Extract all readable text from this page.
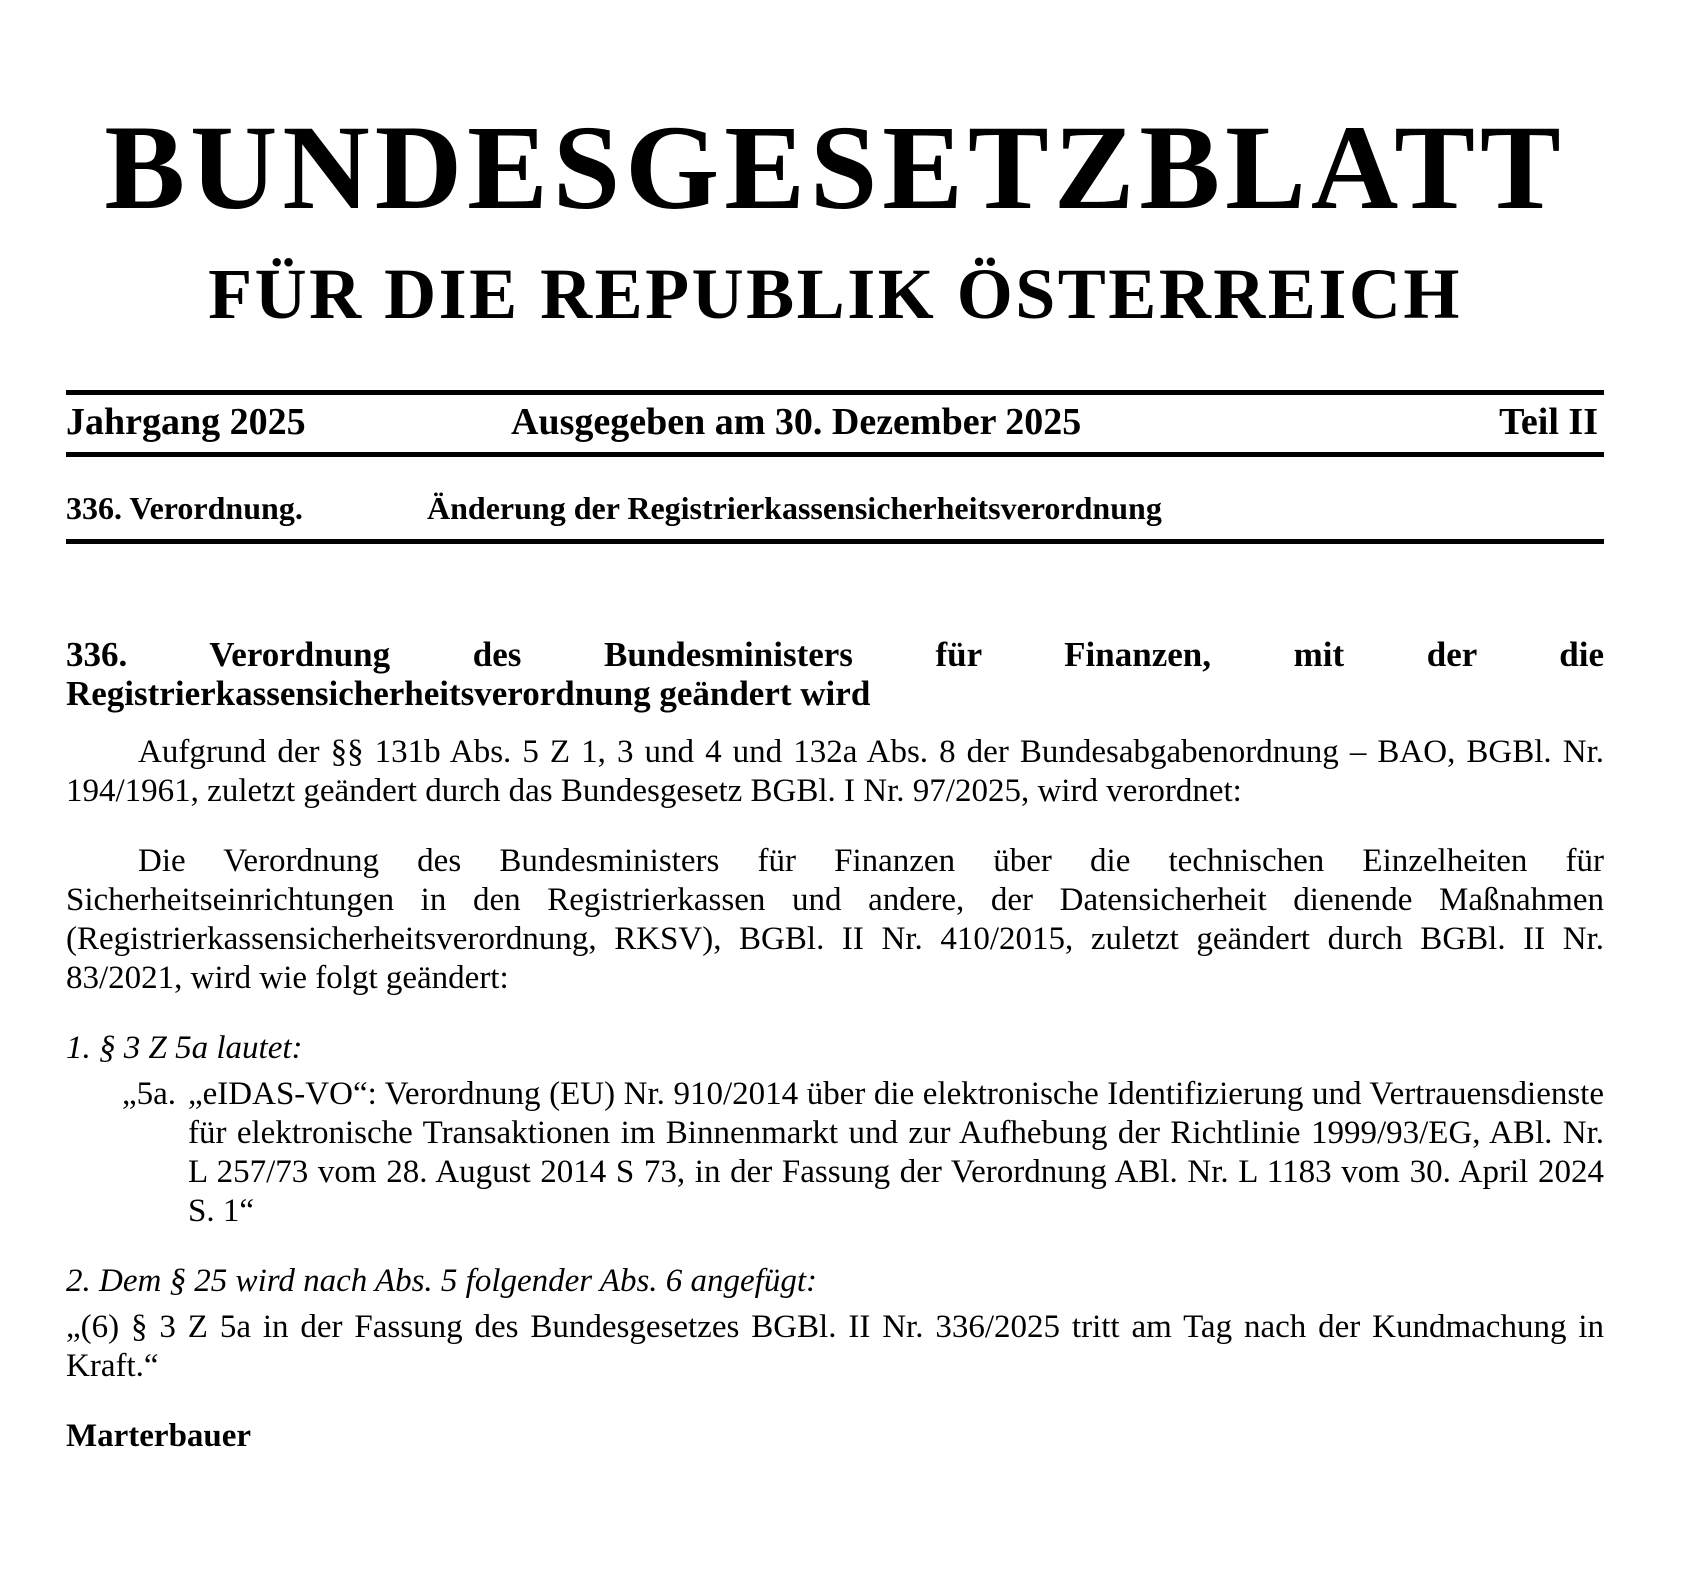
BUNDESGESETZBLATT
FÜR DIE REPUBLIK ÖSTERREICH
Jahrgang 2025	Ausgegeben am 30. Dezember 2025	Teil II
336. Verordnung.	Änderung der Registrierkassensicherheitsverordnung
336. Verordnung des Bundesministers für Finanzen, mit der die
Registrierkassensicherheitsverordnung geändert wird

Aufgrund der §§ 131b Abs. 5 Z 1, 3 und 4 und 132a Abs. 8 der Bundesabgabenordnung – BAO, BGBl. Nr. 194/1961, zuletzt geändert durch das Bundesgesetz BGBl. I Nr. 97/2025, wird verordnet:

Die Verordnung des Bundesministers für Finanzen über die technischen Einzelheiten für Sicherheitseinrichtungen in den Registrierkassen und andere, der Datensicherheit dienende Maßnahmen (Registrierkassensicherheitsverordnung, RKSV), BGBl. II Nr. 410/2015, zuletzt geändert durch BGBl. II Nr. 83/2021, wird wie folgt geändert:

1. § 3 Z 5a lautet:

„5a. „eIDAS-VO“: Verordnung (EU) Nr. 910/2014 über die elektronische Identifizierung und Vertrauensdienste für elektronische Transaktionen im Binnenmarkt und zur Aufhebung der Richtlinie 1999/93/EG, ABl. Nr. L 257/73 vom 28. August 2014 S 73, in der Fassung der Verordnung ABl. Nr. L 1183 vom 30. April 2024 S. 1“

2. Dem § 25 wird nach Abs. 5 folgender Abs. 6 angefügt:

„(6) § 3 Z 5a in der Fassung des Bundesgesetzes BGBl. II Nr. 336/2025 tritt am Tag nach der Kundmachung in Kraft.“

Marterbauer
